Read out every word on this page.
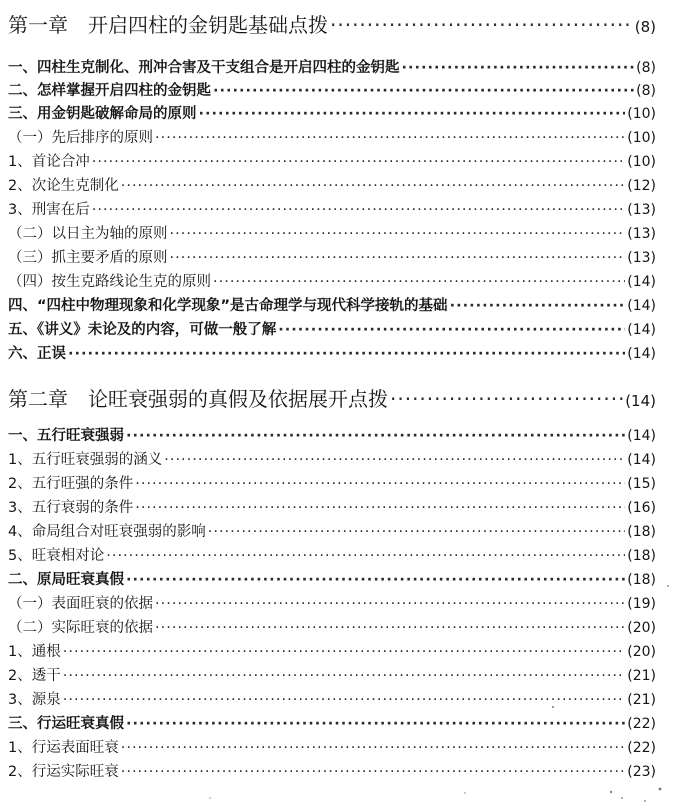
第一章　开启四柱的金钥匙基础点拨 ·····	(8)
一、四柱生克制化、刑冲合害及干支组合是开启四柱的金钥匙 ·····	(8)
二、怎样掌握开启四柱的金钥匙 ·····	(8)
三、用金钥匙破解命局的原则 ·····	(10)
（一）先后排序的原则 ·····	(10)
1、首论合冲 ·····	(10)
2、次论生克制化 ·····	(12)
3、刑害在后 ·····	(13)
（二）以日主为轴的原则 ·····	(13)
（三）抓主要矛盾的原则 ·····	(13)
（四）按生克路线论生克的原则 ·····	(14)
四、“四柱中物理现象和化学现象”是古命理学与现代科学接轨的基础 ·····	(14)
五、《讲义》未论及的内容，可做一般了解 ·····	(14)
六、正误 ·····	(14)
第二章　论旺衰强弱的真假及依据展开点拨 ·····	(14)
一、五行旺衰强弱 ·····	(14)
1、五行旺衰强弱的涵义 ·····	(14)
2、五行旺强的条件 ·····	(15)
3、五行衰弱的条件 ·····	(16)
4、命局组合对旺衰强弱的影响 ·····	(18)
5、旺衰相对论 ·····	(18)
二、原局旺衰真假 ·····	(18)
（一）表面旺衰的依据 ·····	(19)
（二）实际旺衰的依据 ·····	(20)
1、通根 ·····	(20)
2、透干 ·····	(21)
3、源泉 ·····	(21)
三、行运旺衰真假 ·····	(22)
1、行运表面旺衰 ·····	(22)
2、行运实际旺衰 ·····	(23)
